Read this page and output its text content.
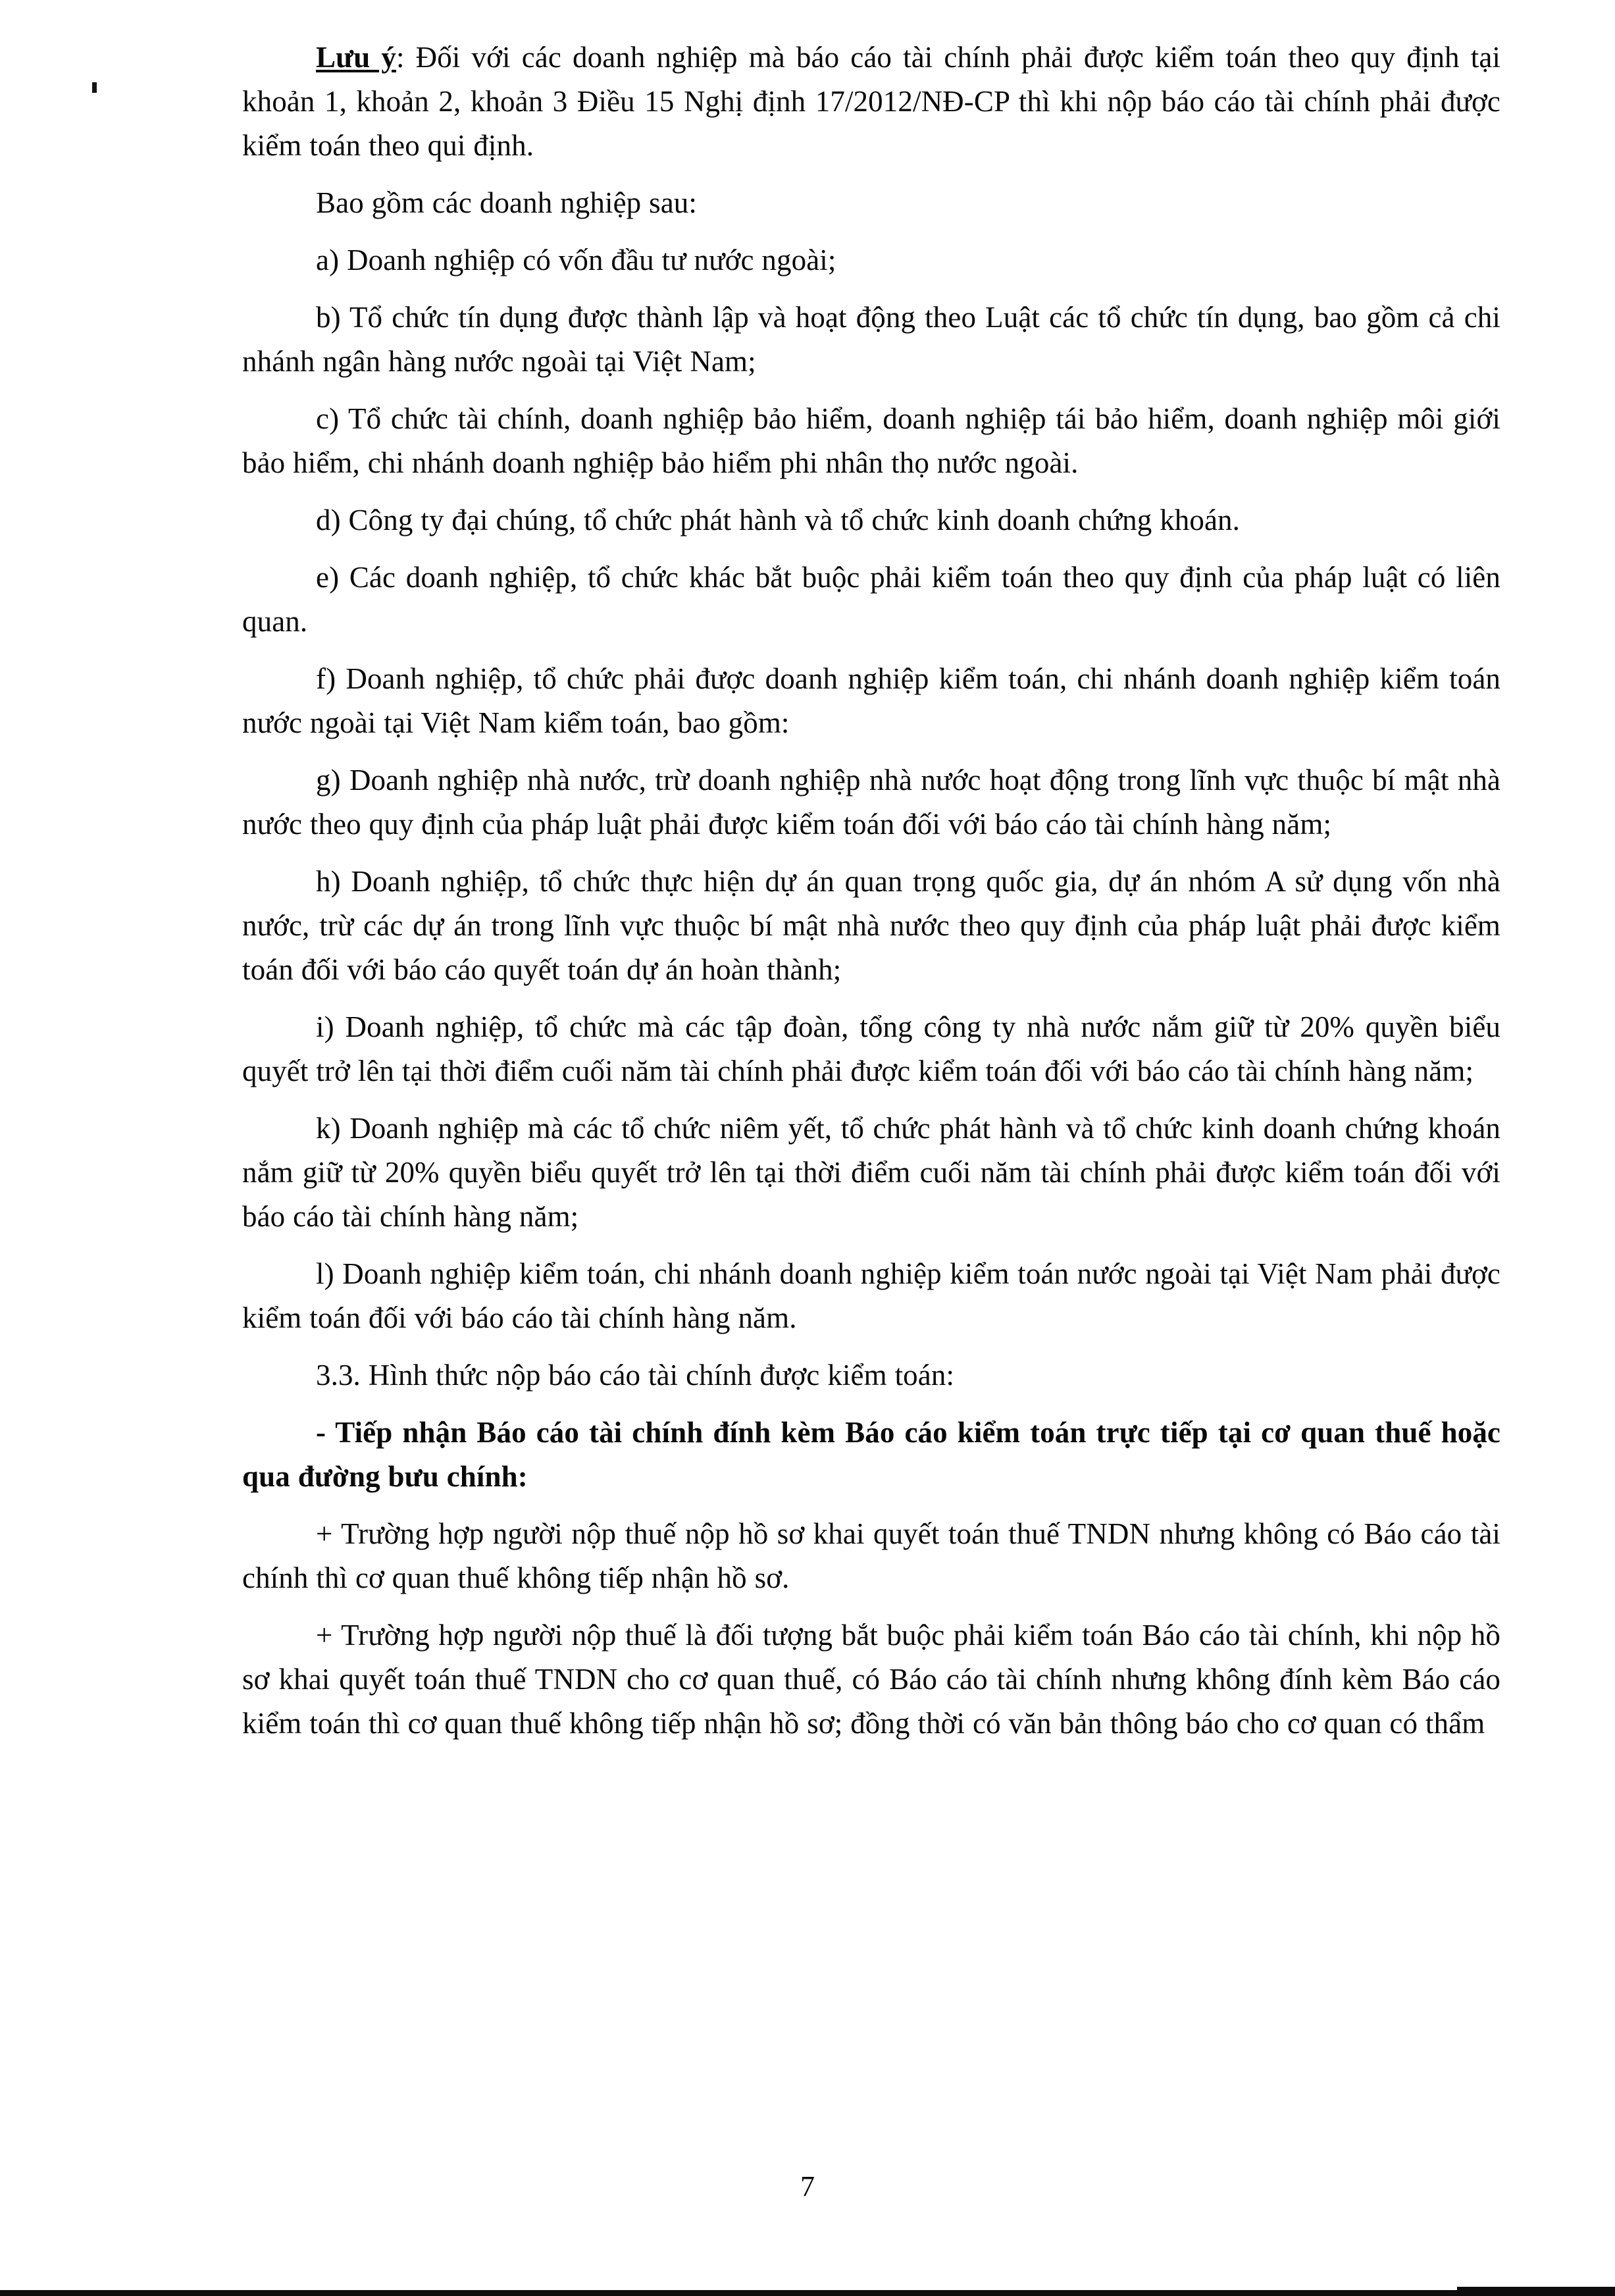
Lưu ý: Đối với các doanh nghiệp mà báo cáo tài chính phải được kiểm toán theo quy định tại khoản 1, khoản 2, khoản 3 Điều 15 Nghị định 17/2012/NĐ-CP thì khi nộp báo cáo tài chính phải được kiểm toán theo qui định.

Bao gồm các doanh nghiệp sau:

a) Doanh nghiệp có vốn đầu tư nước ngoài;

b) Tổ chức tín dụng được thành lập và hoạt động theo Luật các tổ chức tín dụng, bao gồm cả chi nhánh ngân hàng nước ngoài tại Việt Nam;

c) Tổ chức tài chính, doanh nghiệp bảo hiểm, doanh nghiệp tái bảo hiểm, doanh nghiệp môi giới bảo hiểm, chi nhánh doanh nghiệp bảo hiểm phi nhân thọ nước ngoài.

d) Công ty đại chúng, tổ chức phát hành và tổ chức kinh doanh chứng khoán.

e) Các doanh nghiệp, tổ chức khác bắt buộc phải kiểm toán theo quy định của pháp luật có liên quan.

f) Doanh nghiệp, tổ chức phải được doanh nghiệp kiểm toán, chi nhánh doanh nghiệp kiểm toán nước ngoài tại Việt Nam kiểm toán, bao gồm:

g) Doanh nghiệp nhà nước, trừ doanh nghiệp nhà nước hoạt động trong lĩnh vực thuộc bí mật nhà nước theo quy định của pháp luật phải được kiểm toán đối với báo cáo tài chính hàng năm;

h) Doanh nghiệp, tổ chức thực hiện dự án quan trọng quốc gia, dự án nhóm A sử dụng vốn nhà nước, trừ các dự án trong lĩnh vực thuộc bí mật nhà nước theo quy định của pháp luật phải được kiểm toán đối với báo cáo quyết toán dự án hoàn thành;

i) Doanh nghiệp, tổ chức mà các tập đoàn, tổng công ty nhà nước nắm giữ từ 20% quyền biểu quyết trở lên tại thời điểm cuối năm tài chính phải được kiểm toán đối với báo cáo tài chính hàng năm;

k) Doanh nghiệp mà các tổ chức niêm yết, tổ chức phát hành và tổ chức kinh doanh chứng khoán nắm giữ từ 20% quyền biểu quyết trở lên tại thời điểm cuối năm tài chính phải được kiểm toán đối với báo cáo tài chính hàng năm;

l) Doanh nghiệp kiểm toán, chi nhánh doanh nghiệp kiểm toán nước ngoài tại Việt Nam phải được kiểm toán đối với báo cáo tài chính hàng năm.

3.3. Hình thức nộp báo cáo tài chính được kiểm toán:

- Tiếp nhận Báo cáo tài chính đính kèm Báo cáo kiểm toán trực tiếp tại cơ quan thuế hoặc qua đường bưu chính:

+ Trường hợp người nộp thuế nộp hồ sơ khai quyết toán thuế TNDN nhưng không có Báo cáo tài chính thì cơ quan thuế không tiếp nhận hồ sơ.

+ Trường hợp người nộp thuế là đối tượng bắt buộc phải kiểm toán Báo cáo tài chính, khi nộp hồ sơ khai quyết toán thuế TNDN cho cơ quan thuế, có Báo cáo tài chính nhưng không đính kèm Báo cáo kiểm toán thì cơ quan thuế không tiếp nhận hồ sơ; đồng thời có văn bản thông báo cho cơ quan có thẩm

7
